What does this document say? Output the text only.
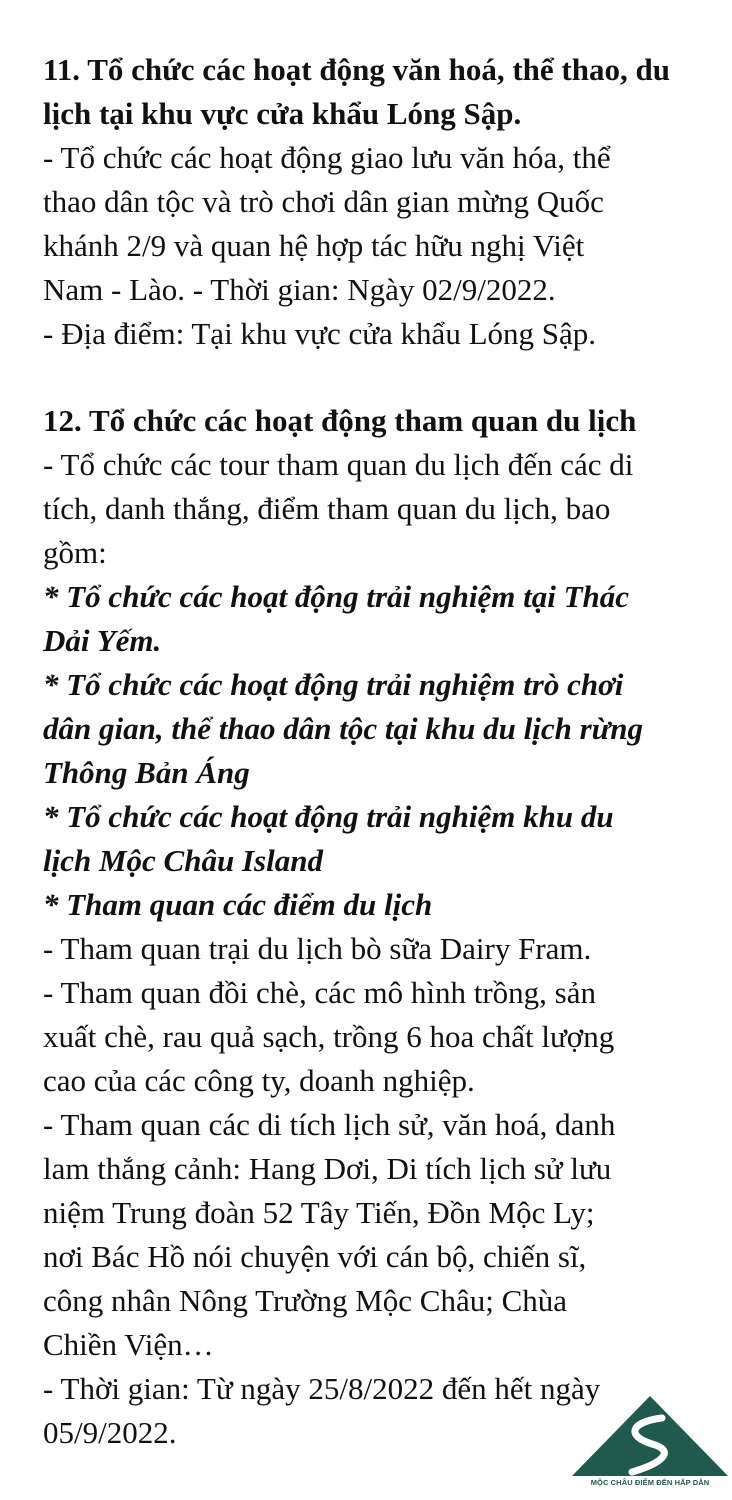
11. Tổ chức các hoạt động văn hoá, thể thao, du
lịch tại khu vực cửa khẩu Lóng Sập.
- Tổ chức các hoạt động giao lưu văn hóa, thể
thao dân tộc và trò chơi dân gian mừng Quốc
khánh 2/9 và quan hệ hợp tác hữu nghị Việt
Nam - Lào. - Thời gian: Ngày 02/9/2022.
- Địa điểm: Tại khu vực cửa khẩu Lóng Sập.
12. Tổ chức các hoạt động tham quan du lịch
- Tổ chức các tour tham quan du lịch đến các di
tích, danh thắng, điểm tham quan du lịch, bao
gồm:
* Tổ chức các hoạt động trải nghiệm tại Thác
Dải Yếm.
* Tổ chức các hoạt động trải nghiệm trò chơi
dân gian, thể thao dân tộc tại khu du lịch rừng
Thông Bản Áng
* Tổ chức các hoạt động trải nghiệm khu du
lịch Mộc Châu Island
* Tham quan các điểm du lịch
- Tham quan trại du lịch bò sữa Dairy Fram.
- Tham quan đồi chè, các mô hình trồng, sản
xuất chè, rau quả sạch, trồng 6 hoa chất lượng
cao của các công ty, doanh nghiệp.
- Tham quan các di tích lịch sử, văn hoá, danh
lam thắng cảnh: Hang Dơi, Di tích lịch sử lưu
niệm Trung đoàn 52 Tây Tiến, Đồn Mộc Ly;
nơi Bác Hồ nói chuyện với cán bộ, chiến sĩ,
công nhân Nông Trường Mộc Châu; Chùa
Chiền Viện…
- Thời gian: Từ ngày 25/8/2022 đến hết ngày
05/9/2022.
MỘC CHÂU ĐIỂM ĐẾN HẤP DẪN
